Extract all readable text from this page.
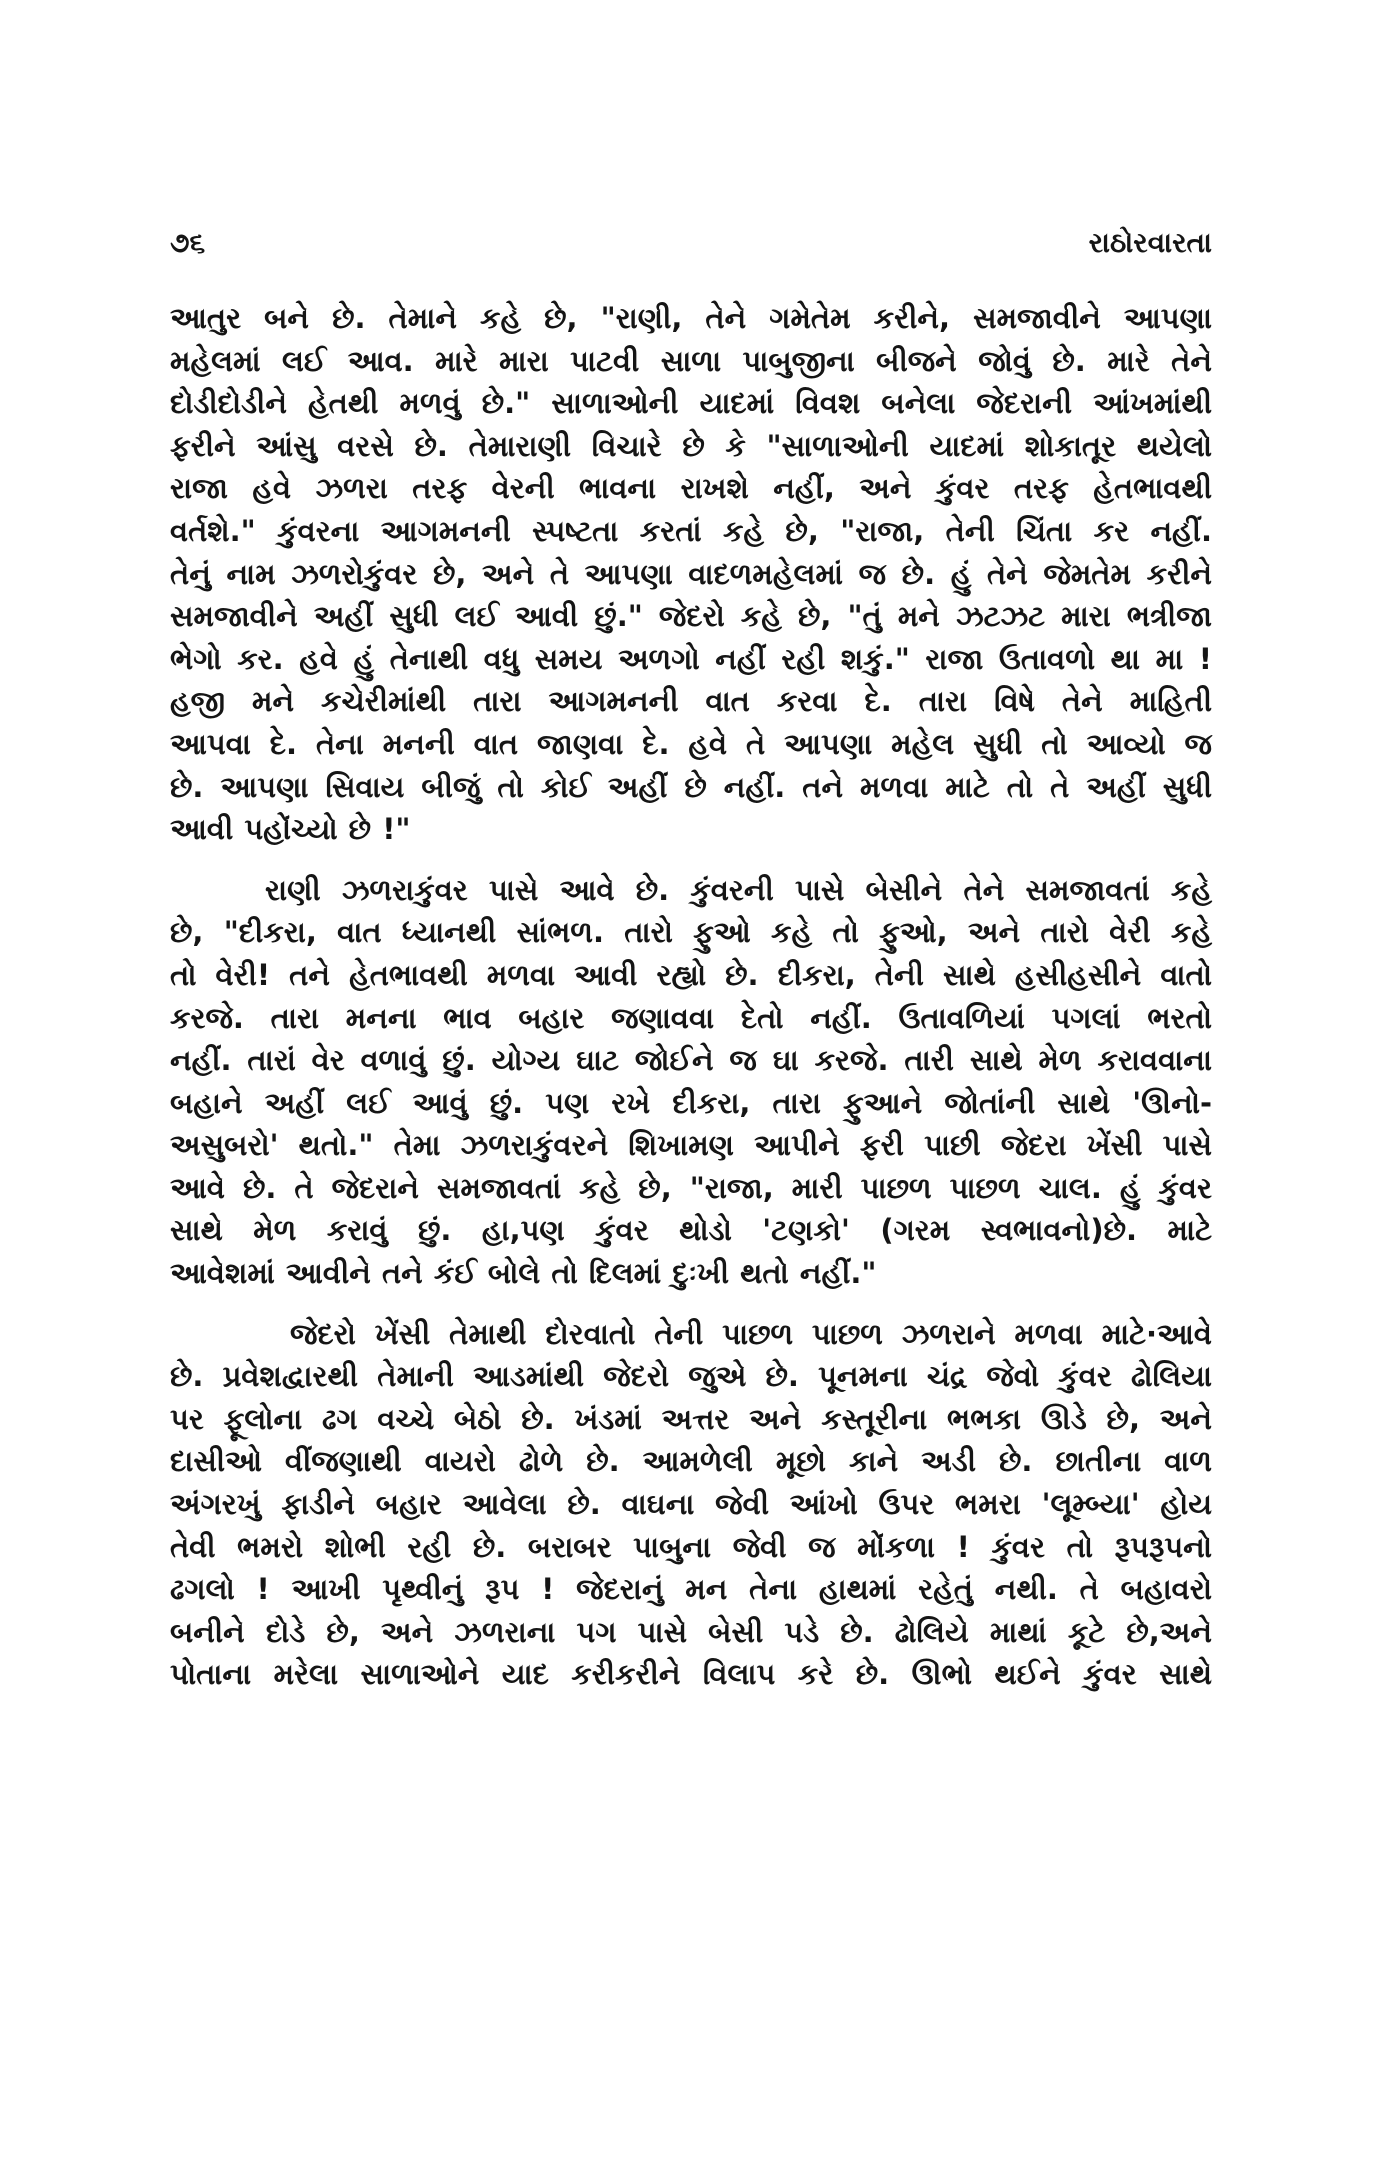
૭૬	રાઠોરવારતા
આતુર બને છે. તેમાને કહે છે, "રાણી, તેને ગમેતેમ કરીને, સમજાવીને આપણા
મહેલમાં લઈ આવ. મારે મારા પાટવી સાળા પાબુજીના બીજને જોવું છે. મારે તેને
દોડીદોડીને હેતથી મળવું છે." સાળાઓની યાદમાં વિવશ બનેલા જેદરાની આંખમાંથી
ફરીને આંસુ વરસે છે. તેમારાણી વિચારે છે કે "સાળાઓની યાદમાં શોકાતૂર થયેલો
રાજા હવે ઝળરા તરફ વેરની ભાવના રાખશે નહીં, અને કુંવર તરફ હેતભાવથી
વર્તશે." કુંવરના આગમનની સ્પષ્ટતા કરતાં કહે છે, "રાજા, તેની ચિંતા કર નહીં.
તેનું નામ ઝળરોકુંવર છે, અને તે આપણા વાદળમહેલમાં જ છે. હું તેને જેમતેમ કરીને
સમજાવીને અહીં સુધી લઈ આવી છું." જેદરો કહે છે, "તું મને ઝટઝટ મારા ભત્રીજા
ભેગો કર. હવે હું તેનાથી વધુ સમય અળગો નહીં રહી શકું." રાજા ઉતાવળો થા મા !
હજી મને કચેરીમાંથી તારા આગમનની વાત કરવા દે. તારા વિષે તેને માહિતી
આપવા દે. તેના મનની વાત જાણવા દે. હવે તે આપણા મહેલ સુધી તો આવ્યો જ
છે. આપણા સિવાય બીજું તો કોઈ અહીં છે નહીં. તને મળવા માટે તો તે અહીં સુધી
આવી પહોંચ્યો છે !"
રાણી ઝળરાકુંવર પાસે આવે છે. કુંવરની પાસે બેસીને તેને સમજાવતાં કહે
છે, "દીકરા, વાત ધ્યાનથી સાંભળ. તારો ફુઓ કહે તો ફુઓ, અને તારો વેરી કહે
તો વેરી! તને હેતભાવથી મળવા આવી રહ્યો છે. દીકરા, તેની સાથે હસીહસીને વાતો
કરજે. તારા મનના ભાવ બહાર જણાવવા દેતો નહીં. ઉતાવળિયાં પગલાં ભરતો
નહીં. તારાં વેર વળાવું છું. યોગ્ય ઘાટ જોઈને જ ઘા કરજે. તારી સાથે મેળ કરાવવાના
બહાને અહીં લઈ આવું છું. પણ રખે દીકરા, તારા ફુઆને જોતાંની સાથે 'ઊનો-
અસુબરો' થતો." તેમા ઝળરાકુંવરને શિખામણ આપીને ફરી પાછી જેદરા ખેંસી પાસે
આવે છે. તે જેદરાને સમજાવતાં કહે છે, "રાજા, મારી પાછળ પાછળ ચાલ. હું કુંવર
સાથે મેળ કરાવું છું. હા,પણ કુંવર થોડો 'ટણકો' (ગરમ સ્વભાવનો)છે. માટે
આવેશમાં આવીને તને કંઈ બોલે તો દિલમાં દુઃખી થતો નહીં."
જેદરો ખેંસી તેમાથી દોરવાતો તેની પાછળ પાછળ ઝળરાને મળવા માટે·આવે
છે. પ્રવેશદ્વારથી તેમાની આડમાંથી જેદરો જુએ છે. પૂનમના ચંદ્ર જેવો કુંવર ઢોલિયા
પર ફૂલોના ઢગ વચ્ચે બેઠો છે. ખંડમાં અત્તર અને કસ્તૂરીના ભભકા ઊડે છે, અને
દાસીઓ વીંજણાથી વાયરો ઢોળે છે. આમળેલી મૂછો કાને અડી છે. છાતીના વાળ
અંગરખું ફાડીને બહાર આવેલા છે. વાઘના જેવી આંખો ઉપર ભમરા 'લૂમ્બ્યા' હોય
તેવી ભમરો શોભી રહી છે. બરાબર પાબુના જેવી જ મોંકળા ! કુંવર તો રૂપરૂપનો
ઢગલો ! આખી પૃથ્વીનું રૂપ ! જેદરાનું મન તેના હાથમાં રહેતું નથી. તે બહાવરો
બનીને દોડે છે, અને ઝળરાના પગ પાસે બેસી પડે છે. ઢોલિયે માથાં કૂટે છે,અને
પોતાના મરેલા સાળાઓને યાદ કરીકરીને વિલાપ કરે છે. ઊભો થઈને કુંવર સાથે
